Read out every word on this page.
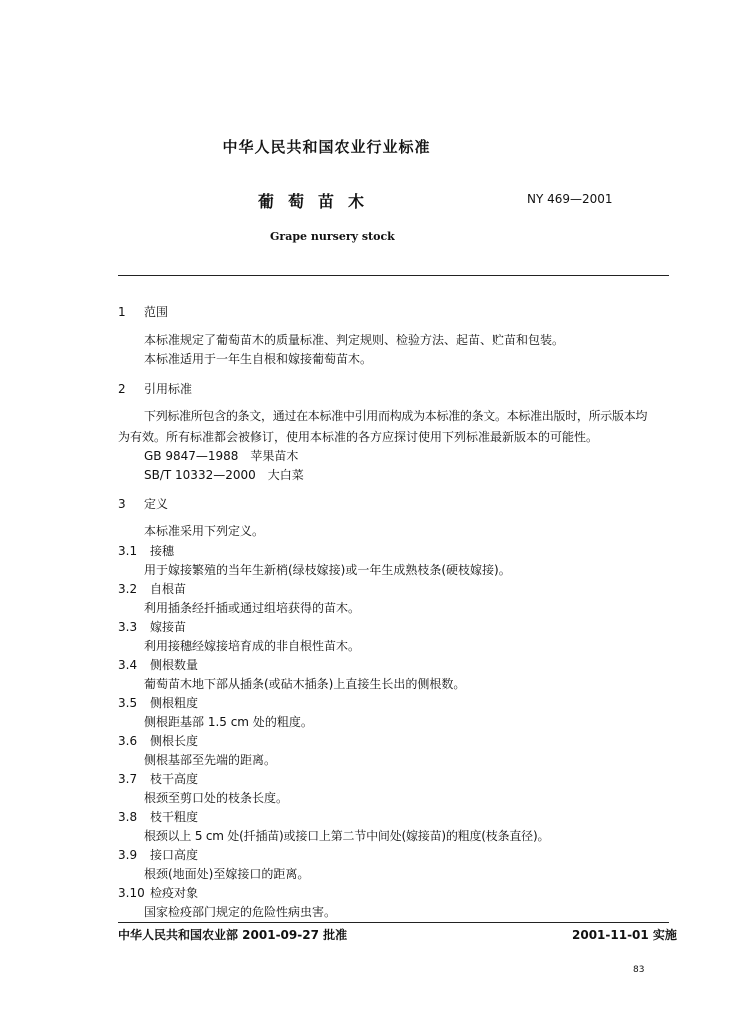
中华人民共和国农业行业标准
葡萄苗木	NY 469—2001
Grape nursery stock
1 范围
本标准规定了葡萄苗木的质量标准、判定规则、检验方法、起苗、贮苗和包装。
本标准适用于一年生自根和嫁接葡萄苗木。
2 引用标准
下列标准所包含的条文，通过在本标准中引用而构成为本标准的条文。本标准出版时，所示版本均
为有效。所有标准都会被修订，使用本标准的各方应探讨使用下列标准最新版本的可能性。
GB 9847—1988　苹果苗木
SB/T 10332—2000　大白菜
3 定义
本标准采用下列定义。
3.1 接穗
用于嫁接繁殖的当年生新梢(绿枝嫁接)或一年生成熟枝条(硬枝嫁接)。
3.2 自根苗
利用插条经扦插或通过组培获得的苗木。
3.3 嫁接苗
利用接穗经嫁接培育成的非自根性苗木。
3.4 侧根数量
葡萄苗木地下部从插条(或砧木插条)上直接生长出的侧根数。
3.5 侧根粗度
侧根距基部 1.5 cm 处的粗度。
3.6 侧根长度
侧根基部至先端的距离。
3.7 枝干高度
根颈至剪口处的枝条长度。
3.8 枝干粗度
根颈以上 5 cm 处(扦插苗)或接口上第二节中间处(嫁接苗)的粗度(枝条直径)。
3.9 接口高度
根颈(地面处)至嫁接口的距离。
3.10 检疫对象
国家检疫部门规定的危险性病虫害。
中华人民共和国农业部 2001-09-27 批准	2001-11-01 实施
83
